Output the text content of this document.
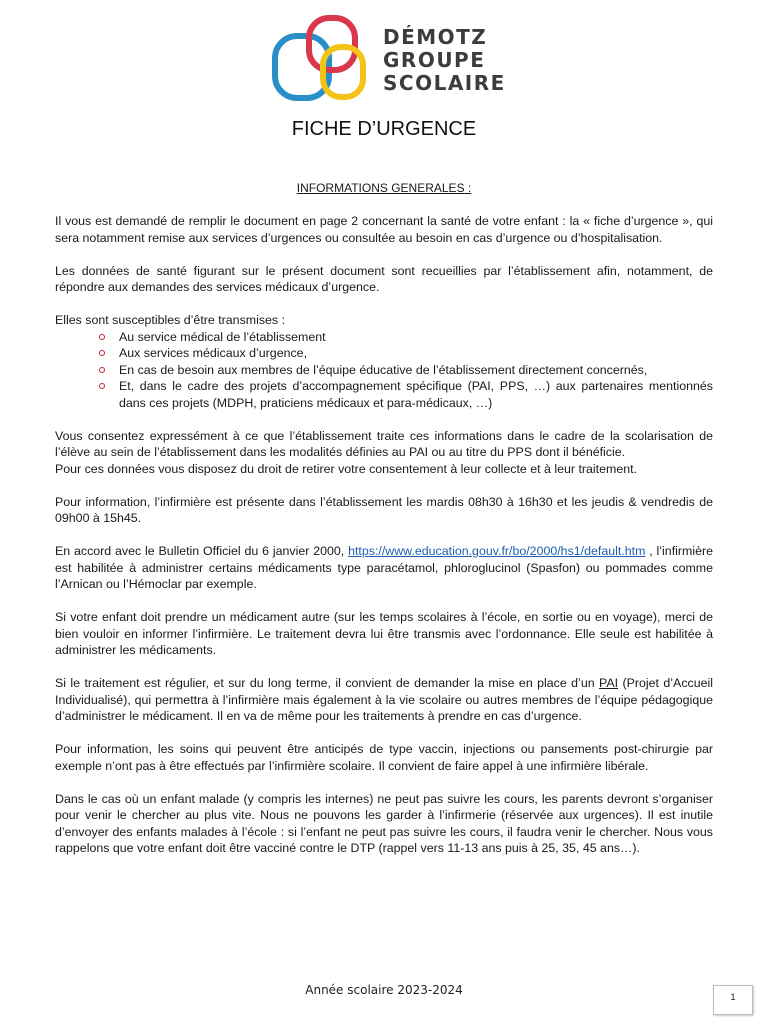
DÉMOTZ
GROUPE
SCOLAIRE
FICHE D’URGENCE
INFORMATIONS GENERALES :

Il vous est demandé de remplir le document en page 2 concernant la santé de votre enfant : la « fiche d’urgence », qui sera notamment remise aux services d’urgences ou consultée au besoin en cas d’urgence ou d’hospitalisation.

Les données de santé figurant sur le présent document sont recueillies par l’établissement afin, notamment, de répondre aux demandes des services médicaux d’urgence.

Elles sont susceptibles d’être transmises :

Au service médical de l’établissement
Aux services médicaux d’urgence,
En cas de besoin aux membres de l’équipe éducative de l’établissement directement concernés,
Et, dans le cadre des projets d’accompagnement spécifique (PAI, PPS, …) aux partenaires mentionnés dans ces projets (MDPH, praticiens médicaux et para-médicaux, …)

Vous consentez expressément à ce que l’établissement traite ces informations dans le cadre de la scolarisation de l’élève au sein de l’établissement dans les modalités définies au PAI ou au titre du PPS dont il bénéficie.

Pour ces données vous disposez du droit de retirer votre consentement à leur collecte et à leur traitement.

Pour information, l’infirmière est présente dans l’établissement les mardis 08h30 à 16h30 et les jeudis & vendredis de 09h00 à 15h45.

En accord avec le Bulletin Officiel du 6 janvier 2000, https://www.education.gouv.fr/bo/2000/hs1/default.htm , l’infirmière est habilitée à administrer certains médicaments type paracétamol, phloroglucinol (Spasfon) ou pommades comme l’Arnican ou l’Hémoclar par exemple.

Si votre enfant doit prendre un médicament autre (sur les temps scolaires à l’école, en sortie ou en voyage), merci de bien vouloir en informer l’infirmière. Le traitement devra lui être transmis avec l’ordonnance. Elle seule est habilitée à administrer les médicaments.

Si le traitement est régulier, et sur du long terme, il convient de demander la mise en place d’un PAI (Projet d’Accueil Individualisé), qui permettra à l’infirmière mais également à la vie scolaire ou autres membres de l’équipe pédagogique d’administrer le médicament. Il en va de même pour les traitements à prendre en cas d’urgence.

Pour information, les soins qui peuvent être anticipés de type vaccin, injections ou pansements post-chirurgie par exemple n’ont pas à être effectués par l’infirmière scolaire. Il convient de faire appel à une infirmière libérale.

Dans le cas où un enfant malade (y compris les internes) ne peut pas suivre les cours, les parents devront s’organiser pour venir le chercher au plus vite. Nous ne pouvons les garder à l’infirmerie (réservée aux urgences). Il est inutile d’envoyer des enfants malades à l’école : si l’enfant ne peut pas suivre les cours, il faudra venir le chercher. Nous vous rappelons que votre enfant doit être vacciné contre le DTP (rappel vers 11-13 ans puis à 25, 35, 45 ans…).

Année scolaire 2023-2024	1
